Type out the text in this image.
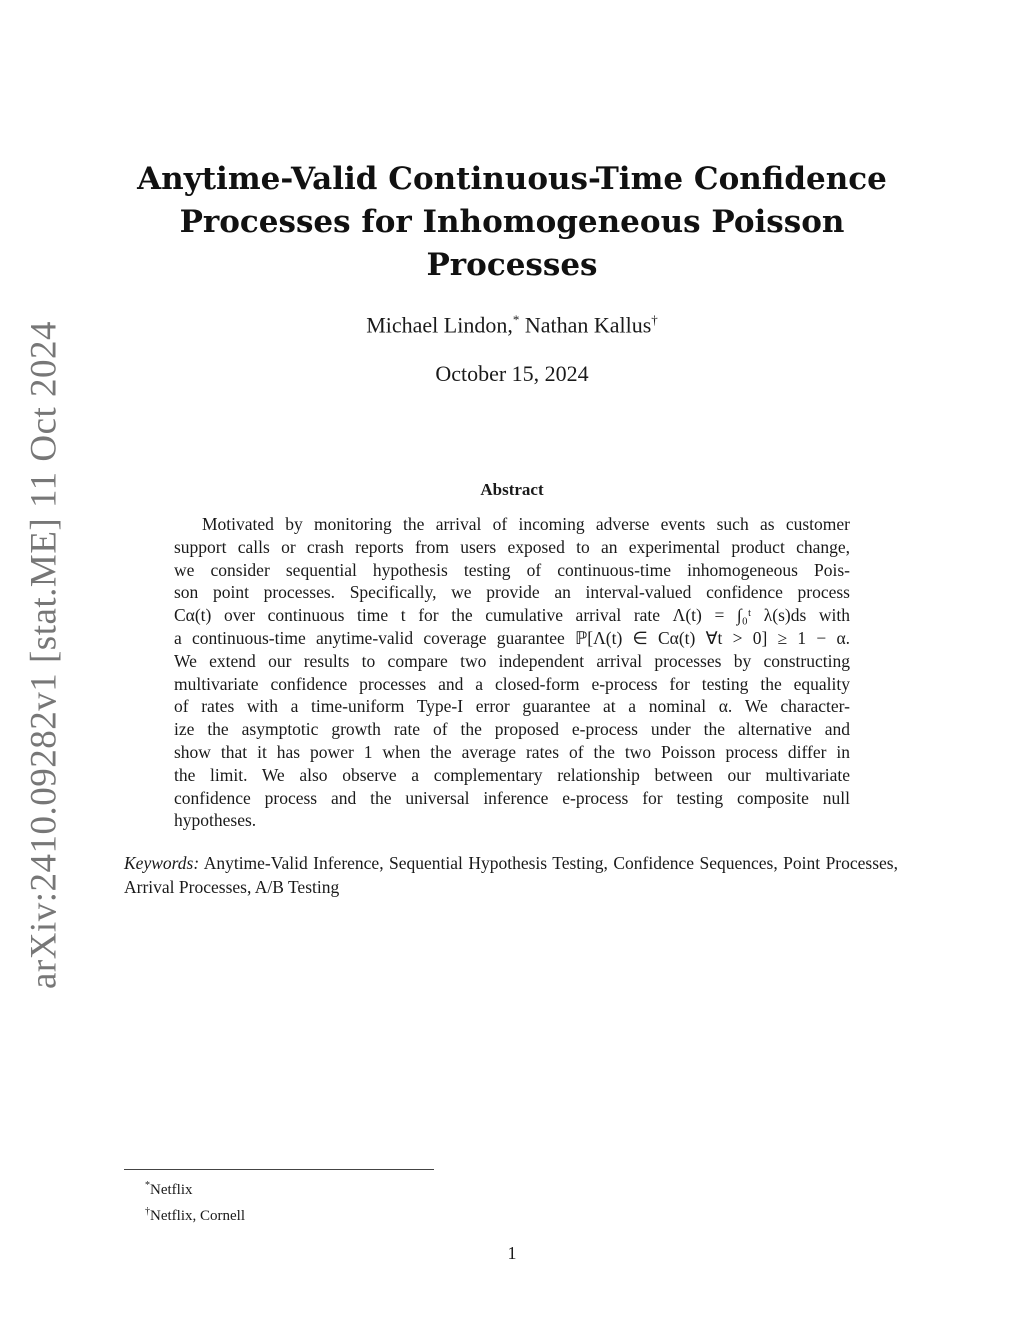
arXiv:2410.09282v1 [stat.ME] 11 Oct 2024
Anytime-Valid Continuous-Time Confidence
Processes for Inhomogeneous Poisson
Processes
Michael Lindon,* Nathan Kallus†
October 15, 2024
Abstract
Motivated by monitoring the arrival of incoming adverse events such as customer
support calls or crash reports from users exposed to an experimental product change,
we consider sequential hypothesis testing of continuous-time inhomogeneous Pois-
son point processes. Specifically, we provide an interval-valued confidence process
Cα(t) over continuous time t for the cumulative arrival rate Λ(t) = ∫₀ᵗ λ(s)ds with
a continuous-time anytime-valid coverage guarantee ℙ[Λ(t) ∈ Cα(t) ∀t > 0] ≥ 1 − α.
We extend our results to compare two independent arrival processes by constructing
multivariate confidence processes and a closed-form e-process for testing the equality
of rates with a time-uniform Type-I error guarantee at a nominal α. We character-
ize the asymptotic growth rate of the proposed e-process under the alternative and
show that it has power 1 when the average rates of the two Poisson process differ in
the limit. We also observe a complementary relationship between our multivariate
confidence process and the universal inference e-process for testing composite null
hypotheses.
Keywords: Anytime-Valid Inference, Sequential Hypothesis Testing, Confidence Sequences, Point Processes, Arrival Processes, A/B Testing
*Netflix
†Netflix, Cornell
1
